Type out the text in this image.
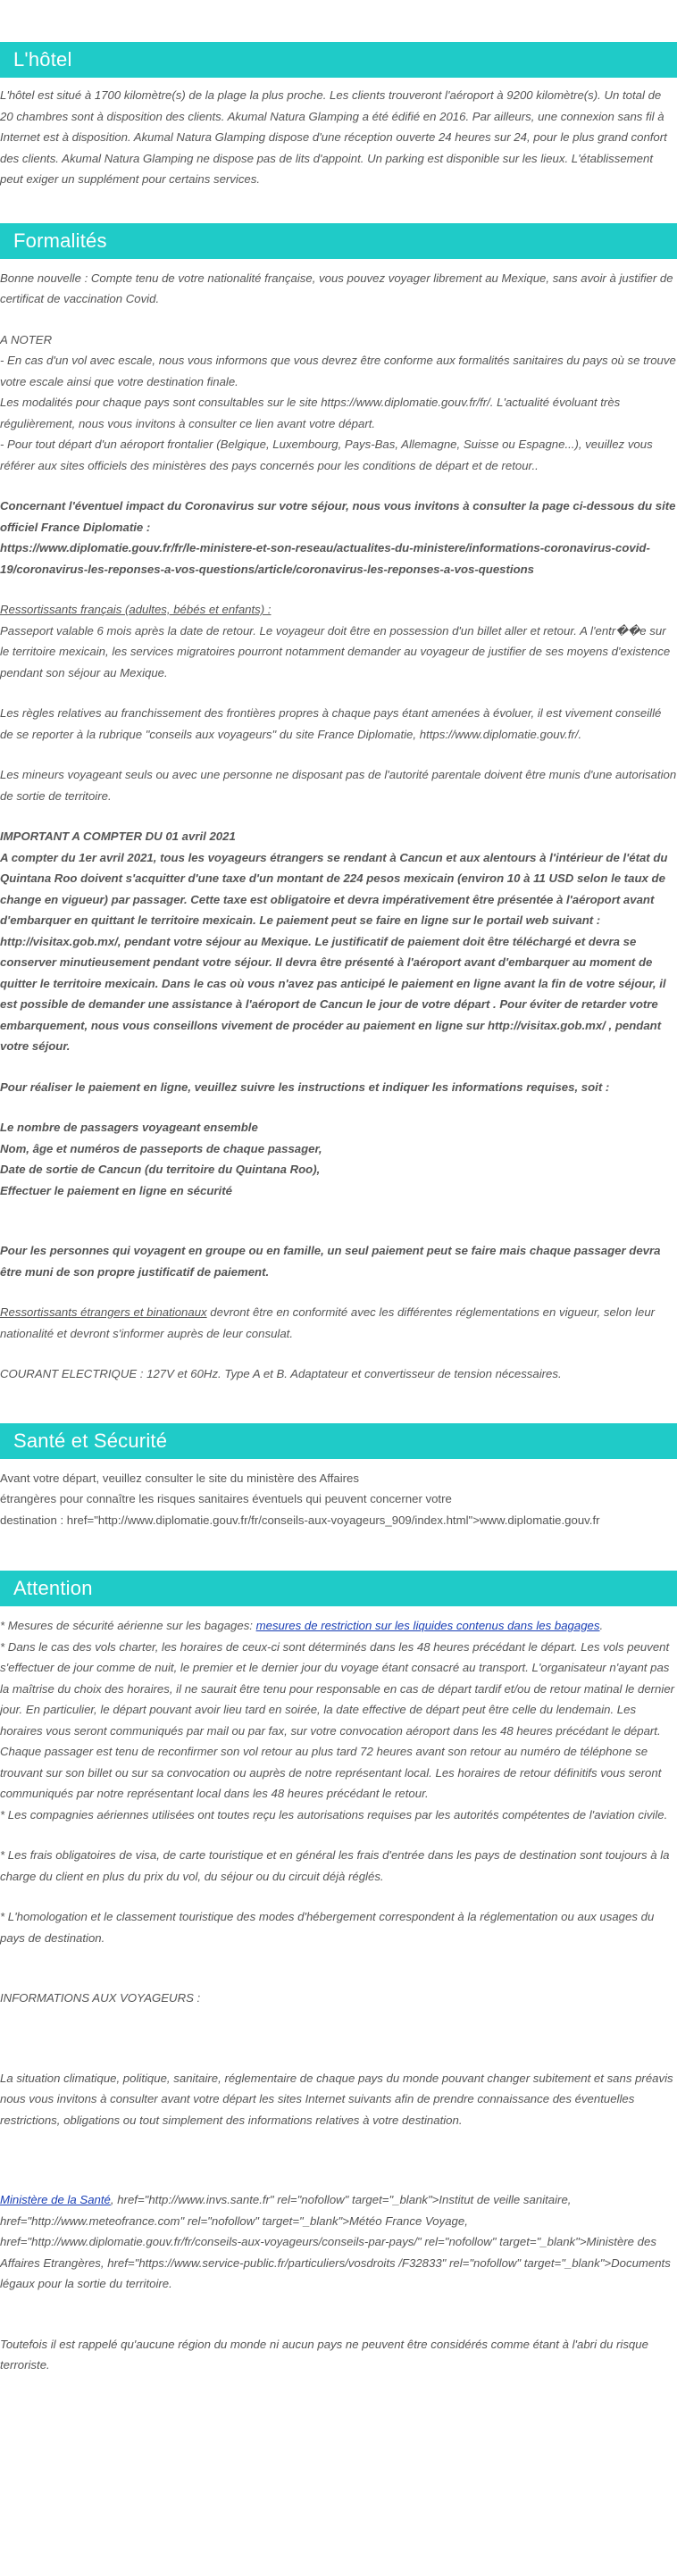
L'hôtel

L'hôtel est situé à 1700 kilomètre(s) de la plage la plus proche. Les clients trouveront l'aéroport à 9200 kilomètre(s). Un total de 20 chambres sont à disposition des clients. Akumal Natura Glamping a été édifié en 2016. Par ailleurs, une connexion sans fil à Internet est à disposition. Akumal Natura Glamping dispose d'une réception ouverte 24 heures sur 24, pour le plus grand confort des clients. Akumal Natura Glamping ne dispose pas de lits d'appoint. Un parking est disponible sur les lieux. L'établissement peut exiger un supplément pour certains services.

Formalités

Bonne nouvelle : Compte tenu de votre nationalité française, vous pouvez voyager librement au Mexique, sans avoir à justifier de certificat de vaccination Covid.

A NOTER

- En cas d'un vol avec escale, nous vous informons que vous devrez être conforme aux formalités sanitaires du pays où se trouve votre escale ainsi que votre destination finale.

Les modalités pour chaque pays sont consultables sur le site https://www.diplomatie.gouv.fr/fr/. L'actualité évoluant très régulièrement, nous vous invitons à consulter ce lien avant votre départ.

- Pour tout départ d'un aéroport frontalier (Belgique, Luxembourg, Pays-Bas, Allemagne, Suisse ou Espagne...), veuillez vous référer aux sites officiels des ministères des pays concernés pour les conditions de départ et de retour..

Concernant l'éventuel impact du Coronavirus sur votre séjour, nous vous invitons à consulter la page ci-dessous du site officiel France Diplomatie :
https://www.diplomatie.gouv.fr/fr/le-ministere-et-son-reseau/actualites-du-ministere/informations-coronavirus-covid-19/coronavirus-les-reponses-a-vos-questions/article/coronavirus-les-reponses-a-vos-questions

Ressortissants français (adultes, bébés et enfants) :
Passeport valable 6 mois après la date de retour. Le voyageur doit être en possession d'un billet aller et retour. A l'entr��e sur le territoire mexicain, les services migratoires pourront notamment demander au voyageur de justifier de ses moyens d'existence pendant son séjour au Mexique.

Les règles relatives au franchissement des frontières propres à chaque pays étant amenées à évoluer, il est vivement conseillé de se reporter à la rubrique "conseils aux voyageurs" du site France Diplomatie, https://www.diplomatie.gouv.fr/.

Les mineurs voyageant seuls ou avec une personne ne disposant pas de l'autorité parentale doivent être munis d'une autorisation de sortie de territoire.

IMPORTANT A COMPTER DU 01 avril 2021

A compter du 1er avril 2021, tous les voyageurs étrangers se rendant à Cancun et aux alentours à l'intérieur de l'état du Quintana Roo doivent s'acquitter d'une taxe d'un montant de 224 pesos mexicain (environ 10 à 11 USD selon le taux de change en vigueur) par passager. Cette taxe est obligatoire et devra impérativement être présentée à l'aéroport avant d'embarquer en quittant le territoire mexicain. Le paiement peut se faire en ligne sur le portail web suivant : http://visitax.gob.mx/, pendant votre séjour au Mexique. Le justificatif de paiement doit être téléchargé et devra se conserver minutieusement pendant votre séjour. Il devra être présenté à l'aéroport avant d'embarquer au moment de quitter le territoire mexicain. Dans le cas où vous n'avez pas anticipé le paiement en ligne avant la fin de votre séjour, il est possible de demander une assistance à l'aéroport de Cancun le jour de votre départ . Pour éviter de retarder votre embarquement, nous vous conseillons vivement de procéder au paiement en ligne sur http://visitax.gob.mx/ , pendant votre séjour.

Pour réaliser le paiement en ligne, veuillez suivre les instructions et indiquer les informations requises, soit :

Le nombre de passagers voyageant ensemble

Nom, âge et numéros de passeports de chaque passager,

Date de sortie de Cancun (du territoire du Quintana Roo),

Effectuer le paiement en ligne en sécurité

Pour les personnes qui voyagent en groupe ou en famille, un seul paiement peut se faire mais chaque passager devra être muni de son propre justificatif de paiement.

Ressortissants étrangers et binationaux devront être en conformité avec les différentes réglementations en vigueur, selon leur nationalité et devront s'informer auprès de leur consulat.

COURANT ELECTRIQUE : 127V et 60Hz. Type A et B. Adaptateur et convertisseur de tension nécessaires.

Santé et Sécurité

Avant votre départ, veuillez consulter le site du ministère des Affaires

étrangères pour connaître les risques sanitaires éventuels qui peuvent concerner votre

destination : href="http://www.diplomatie.gouv.fr/fr/conseils-aux-voyageurs_909/index.html">www.diplomatie.gouv.fr

Attention

* Mesures de sécurité aérienne sur les bagages: mesures de restriction sur les liquides contenus dans les bagages.

* Dans le cas des vols charter, les horaires de ceux-ci sont déterminés dans les 48 heures précédant le départ. Les vols peuvent s'effectuer de jour comme de nuit, le premier et le dernier jour du voyage étant consacré au transport. L'organisateur n'ayant pas la maîtrise du choix des horaires, il ne saurait être tenu pour responsable en cas de départ tardif et/ou de retour matinal le dernier jour. En particulier, le départ pouvant avoir lieu tard en soirée, la date effective de départ peut être celle du lendemain. Les horaires vous seront communiqués par mail ou par fax, sur votre convocation aéroport dans les 48 heures précédant le départ. Chaque passager est tenu de reconfirmer son vol retour au plus tard 72 heures avant son retour au numéro de téléphone se trouvant sur son billet ou sur sa convocation ou auprès de notre représentant local. Les horaires de retour définitifs vous seront communiqués par notre représentant local dans les 48 heures précédant le retour.

* Les compagnies aériennes utilisées ont toutes reçu les autorisations requises par les autorités compétentes de l'aviation civile.

* Les frais obligatoires de visa, de carte touristique et en général les frais d'entrée dans les pays de destination sont toujours à la charge du client en plus du prix du vol, du séjour ou du circuit déjà réglés.

* L'homologation et le classement touristique des modes d'hébergement correspondent à la réglementation ou aux usages du pays de destination.

INFORMATIONS AUX VOYAGEURS :

La situation climatique, politique, sanitaire, réglementaire de chaque pays du monde pouvant changer subitement et sans préavis

nous vous invitons à consulter avant votre départ les sites Internet suivants afin de prendre connaissance des éventuelles restrictions, obligations ou tout simplement des informations relatives à votre destination.

Ministère de la Santé, href="http://www.invs.sante.fr" rel="nofollow" target="_blank">Institut de veille sanitaire, href="http://www.meteofrance.com" rel="nofollow" target="_blank">Météo France Voyage, href="http://www.diplomatie.gouv.fr/fr/conseils-aux-voyageurs/conseils-par-pays/" rel="nofollow" target="_blank">Ministère des Affaires Etrangères, href="https://www.service-public.fr/particuliers/vosdroits /F32833" rel="nofollow" target="_blank">Documents légaux pour la sortie du territoire.

Toutefois il est rappelé qu'aucune région du monde ni aucun pays ne peuvent être considérés comme étant à l'abri du risque terroriste.
